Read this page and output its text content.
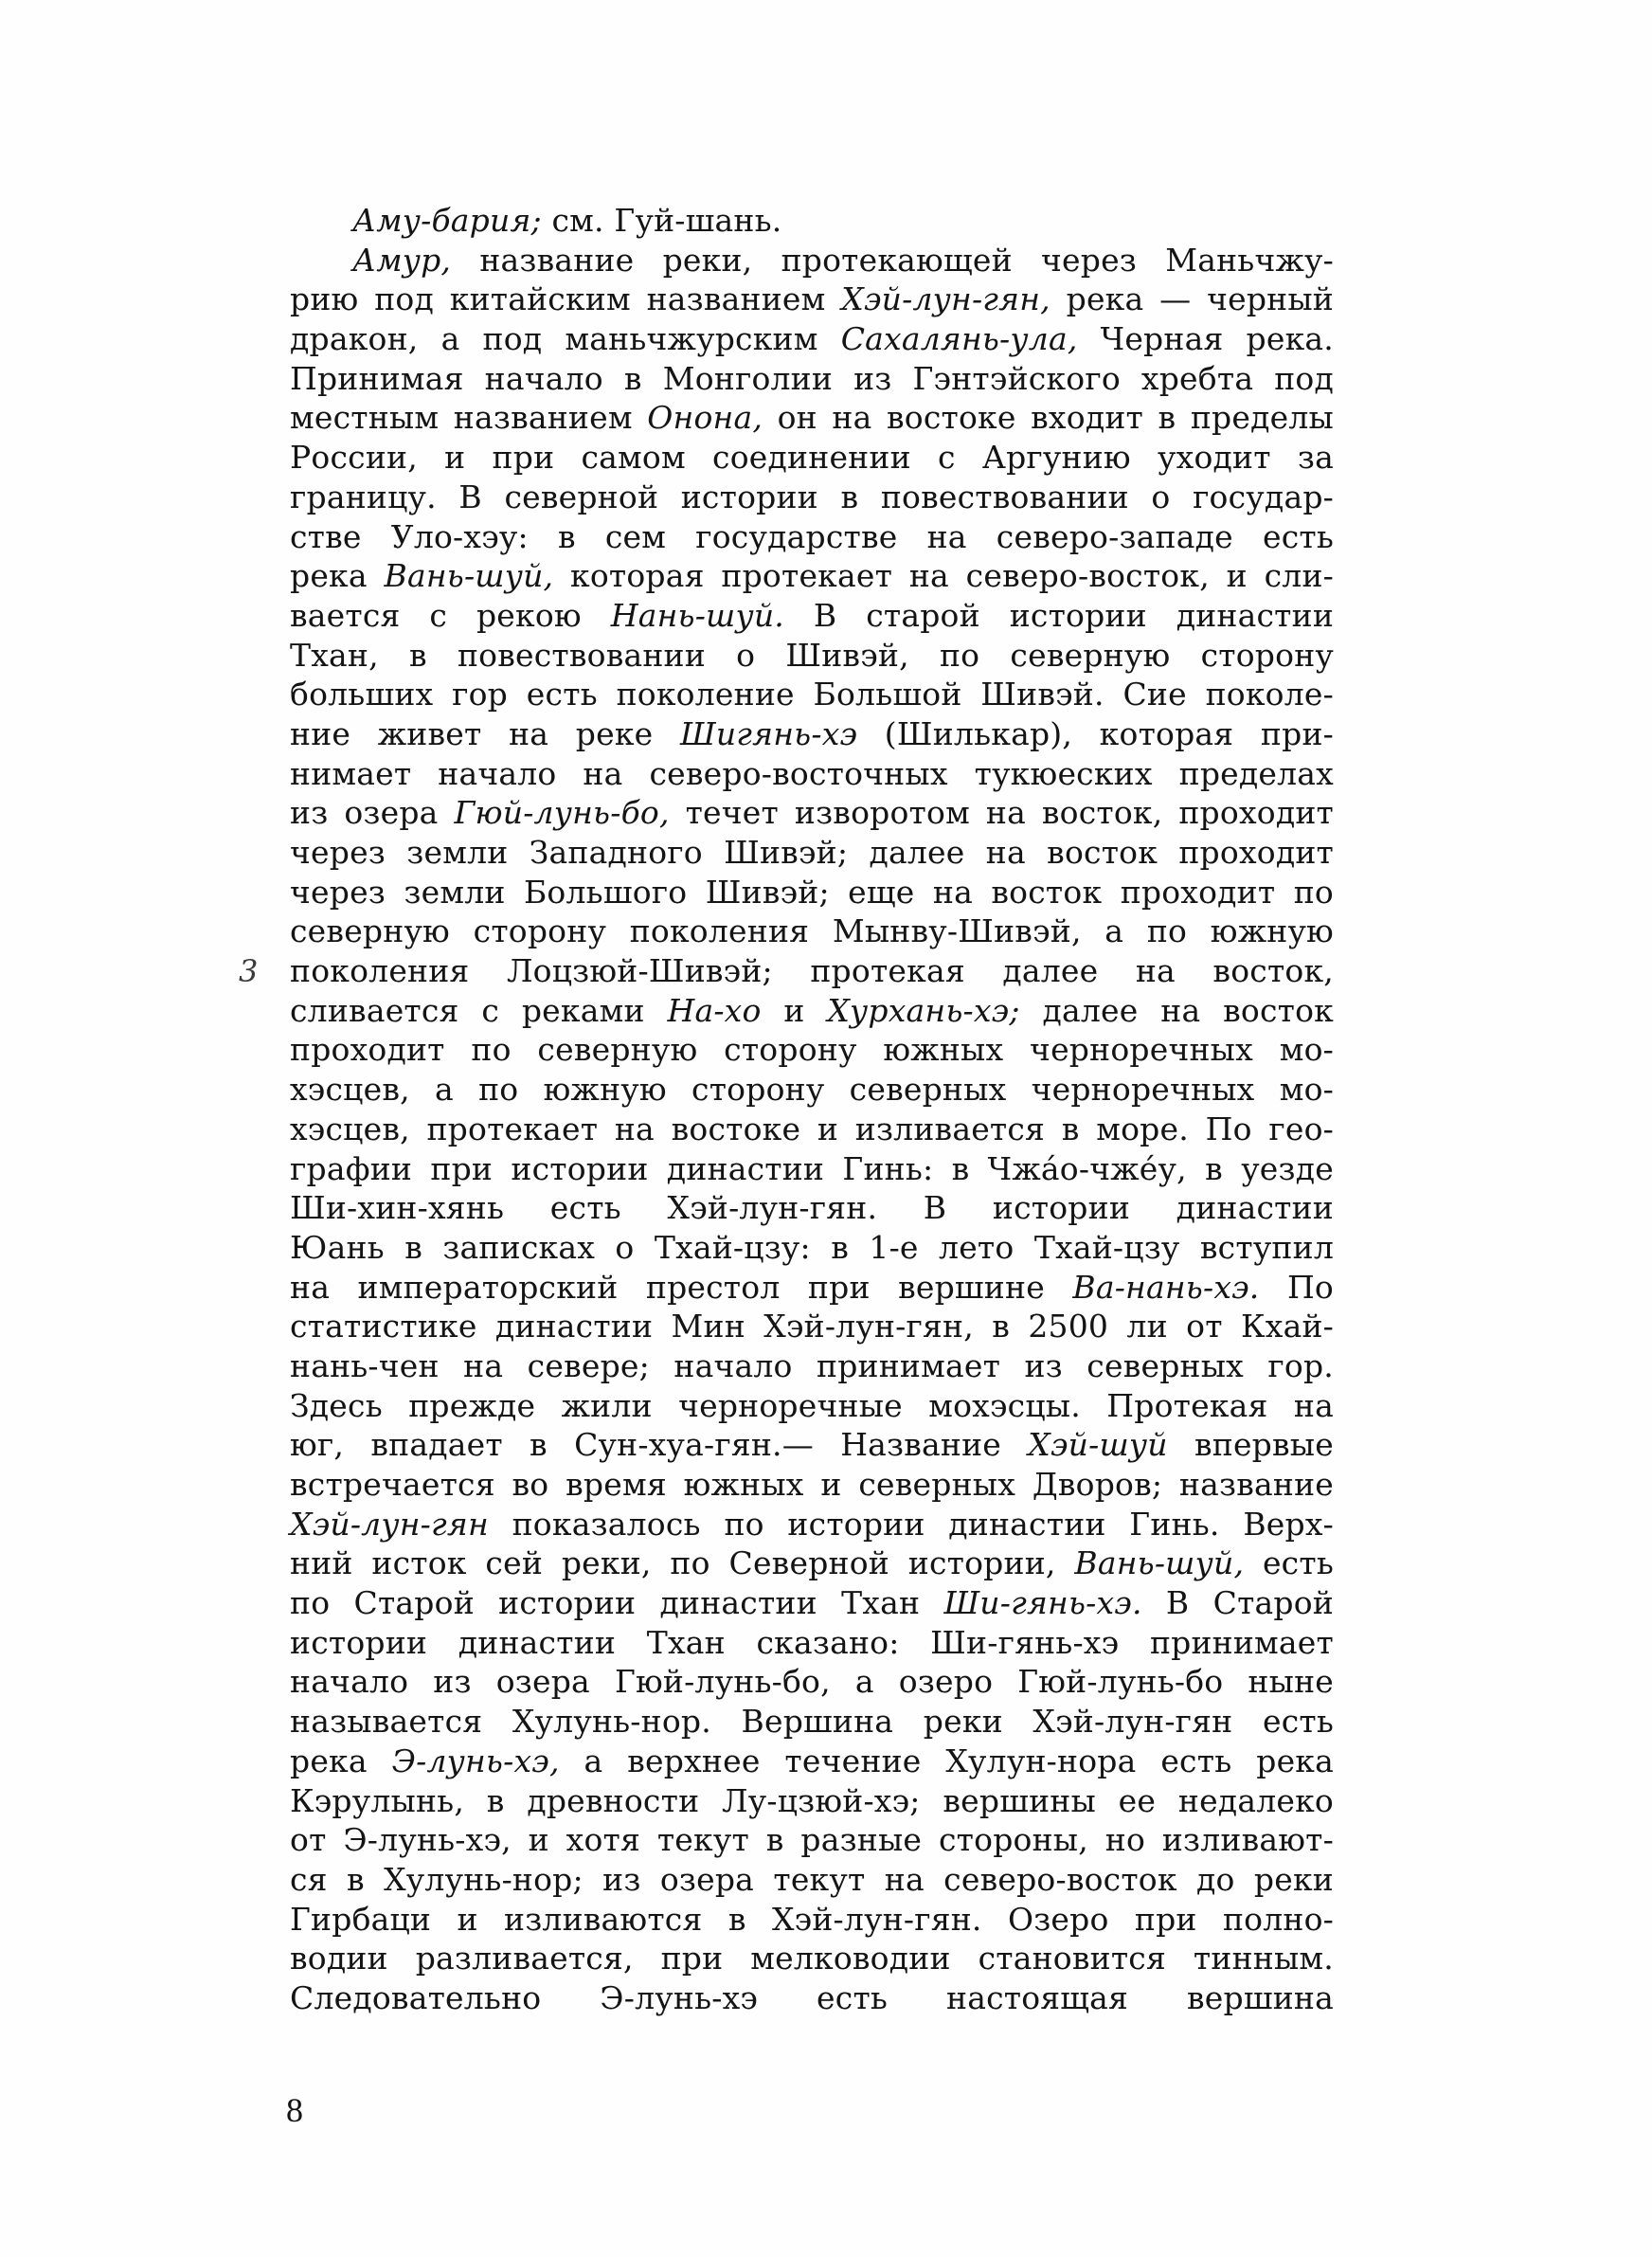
Аму-бария; см. Гуй-шань.
Амур, название реки, протекающей через Маньчжу-
рию под китайским названием Хэй-лун-гян, река — черный
дракон, а под маньчжурским Сахалянь-ула, Черная река.
Принимая начало в Монголии из Гэнтэйского хребта под
местным названием Онона, он на востоке входит в пределы
России, и при самом соединении с Аргунию уходит за
границу. В северной истории в повествовании о государ-
стве Уло-хэу: в сем государстве на северо-западе есть
река Вань-шуй, которая протекает на северо-восток, и сли-
вается с рекою Нань-шуй. В старой истории династии
Тхан, в повествовании о Шивэй, по северную сторону
больших гор есть поколение Большой Шивэй. Сие поколе-
ние живет на реке Шигянь-хэ (Шилькар), которая при-
нимает начало на северо-восточных тукюеских пределах
из озера Гюй-лунь-бо, течет изворотом на восток, проходит
через земли Западного Шивэй; далее на восток проходит
через земли Большого Шивэй; еще на восток проходит по
северную сторону поколения Мынву-Шивэй, а по южную
поколения Лоцзюй-Шивэй; протекая далее на восток,
сливается с реками На-хо и Хурхань-хэ; далее на восток
проходит по северную сторону южных черноречных мо-
хэсцев, а по южную сторону северных черноречных мо-
хэсцев, протекает на востоке и изливается в море. По гео-
графии при истории династии Гинь: в Чжáо-чжéу, в уезде
Ши-хин-хянь есть Хэй-лун-гян. В истории династии
Юань в записках о Тхай-цзу: в 1-е лето Тхай-цзу вступил
на императорский престол при вершине Ва-нань-хэ. По
статистике династии Мин Хэй-лун-гян, в 2500 ли от Кхай-
нань-чен на севере; начало принимает из северных гор.
Здесь прежде жили черноречные мохэсцы. Протекая на
юг, впадает в Сун-хуа-гян.— Название Хэй-шуй впервые
встречается во время южных и северных Дворов; название
Хэй-лун-гян показалось по истории династии Гинь. Верх-
ний исток сей реки, по Северной истории, Вань-шуй, есть
по Старой истории династии Тхан Ши-гянь-хэ. В Старой
истории династии Тхан сказано: Ши-гянь-хэ принимает
начало из озера Гюй-лунь-бо, а озеро Гюй-лунь-бо ныне
называется Хулунь-нор. Вершина реки Хэй-лун-гян есть
река Э-лунь-хэ, а верхнее течение Хулун-нора есть река
Кэрулынь, в древности Лу-цзюй-хэ; вершины ее недалеко
от Э-лунь-хэ, и хотя текут в разные стороны, но изливают-
ся в Хулунь-нор; из озера текут на северо-восток до реки
Гирбаци и изливаются в Хэй-лун-гян. Озеро при полно-
водии разливается, при мелководии становится тинным.
Следовательно Э-лунь-хэ есть настоящая вершина
3
8
